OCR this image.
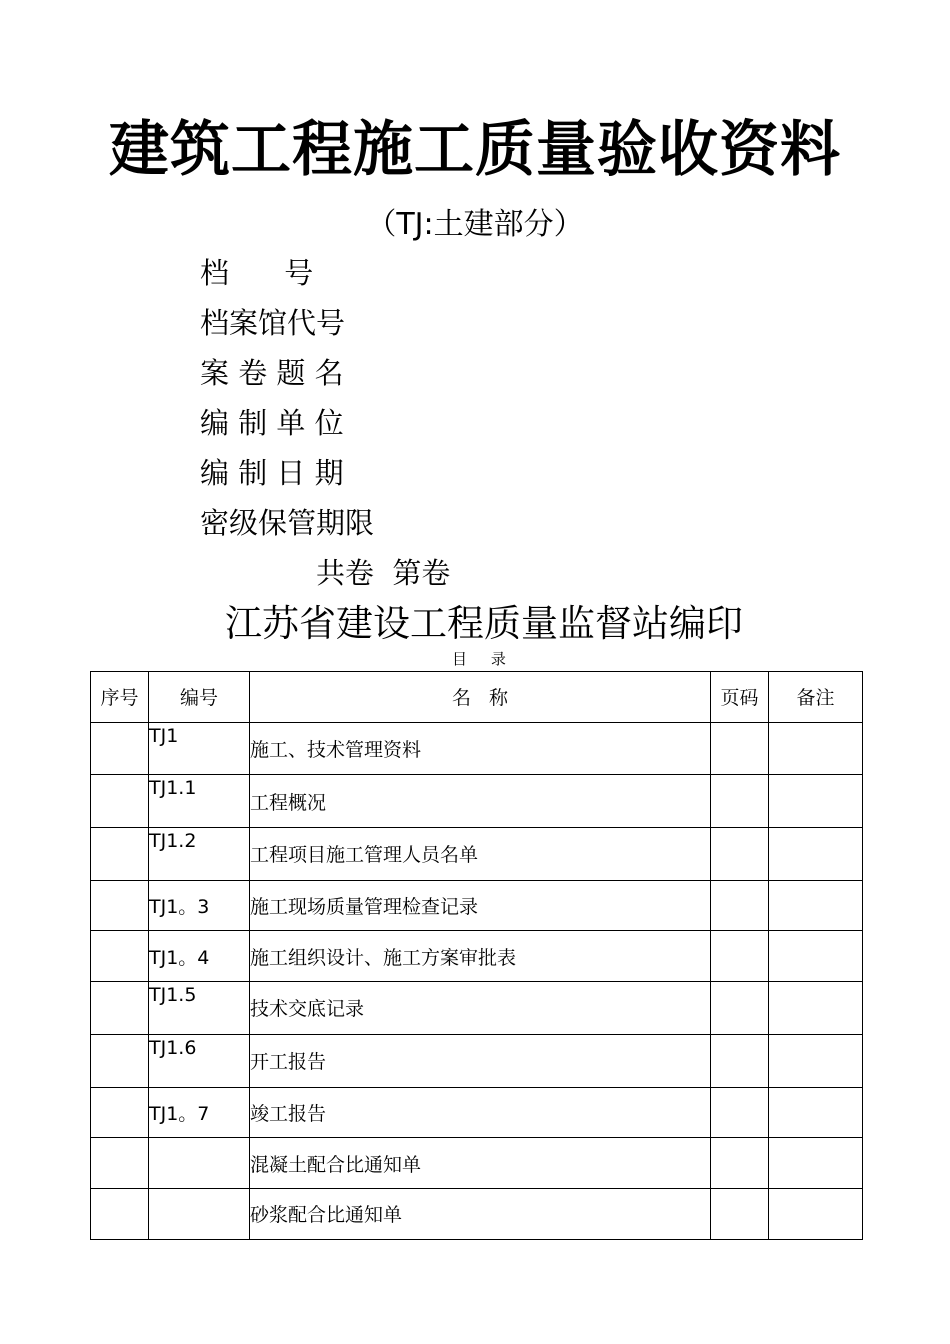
建筑工程施工质量验收资料
（TJ:土建部分）
档      号
档案馆代号
案 卷 题 名
编 制 单 位
编 制 日 期
密级保管期限
共卷  第卷
江苏省建设工程质量监督站编印
目     录
序号	编号	名   称	页码	备注
	TJ1	施工、技术管理资料		
	TJ1.1	工程概况		
	TJ1.2	工程项目施工管理人员名单		
	TJ1。3	施工现场质量管理检查记录		
	TJ1。4	施工组织设计、施工方案审批表		
	TJ1.5	技术交底记录		
	TJ1.6	开工报告		
	TJ1。7	竣工报告		
		混凝土配合比通知单		
		砂浆配合比通知单		
